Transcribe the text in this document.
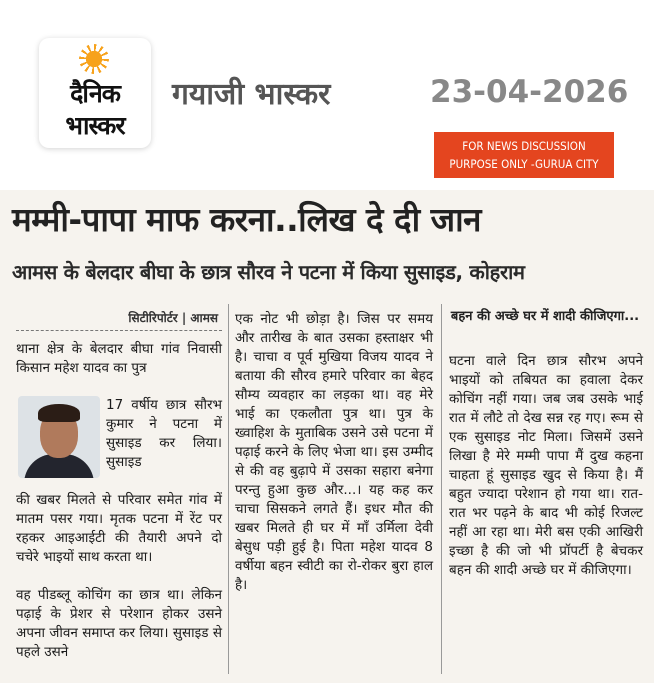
दैनिक
भास्कर
गयाजी भास्कर	23-04-2026
FOR NEWS DISCUSSION
PURPOSE ONLY -GURUA CITY
मम्मी-पापा माफ करना..लिख दे दी जान
आमस के बेलदार बीघा के छात्र सौरव ने पटना में किया सुसाइड, कोहराम
सिटीरिपोर्टर | आमस
थाना क्षेत्र के बेलदार बीघा गांव निवासी किसान महेश यादव का पुत्र
17 वर्षीय छात्र सौरभ कुमार ने पटना में सुसाइड कर लिया। सुसाइड
की खबर मिलते से परिवार समेत गांव में मातम पसर गया। मृतक पटना में रेंट पर रहकर आइआईटी की तैयारी अपने दो चचेरे भाइयों साथ करता था।
वह पीडब्लू कोचिंग का छात्र था। लेकिन पढ़ाई के प्रेशर से परेशान होकर उसने अपना जीवन समाप्त कर लिया। सुसाइड से पहले उसने
एक नोट भी छोड़ा है। जिस पर समय और तारीख के बात उसका हस्ताक्षर भी है। चाचा व पूर्व मुखिया विजय यादव ने बताया की सौरव हमारे परिवार का बेहद सौम्य व्यवहार का लड़का था। वह मेरे भाई का एकलौता पुत्र था। पुत्र के ख्वाहिश के मुताबिक उसने उसे पटना में पढ़ाई करने के लिए भेजा था। इस उम्मीद से की वह बुढ़ापे में उसका सहारा बनेगा परन्तु हुआ कुछ और...। यह कह कर चाचा सिसकने लगते हैं। इधर मौत की खबर मिलते ही घर में माँ उर्मिला देवी बेसुध पड़ी हुई है। पिता महेश यादव 8 वर्षीया बहन स्वीटी का रो-रोकर बुरा हाल है।
बहन की अच्छे घर में शादी कीजिएगा...
घटना वाले दिन छात्र सौरभ अपने भाइयों को तबियत का हवाला देकर कोचिंग नहीं गया। जब जब उसके भाई रात में लौटे तो देख सन्न रह गए। रूम से एक सुसाइड नोट मिला। जिसमें उसने लिखा है मेरे मम्मी पापा मैं दुख कहना चाहता हूं सुसाइड खुद से किया है। मैं बहुत ज्यादा परेशान हो गया था। रात-रात भर पढ़ने के बाद भी कोई रिजल्ट नहीं आ रहा था। मेरी बस एकी आखिरी इच्छा है की जो भी प्रॉपर्टी है बेचकर बहन की शादी अच्छे घर में कीजिएगा।
